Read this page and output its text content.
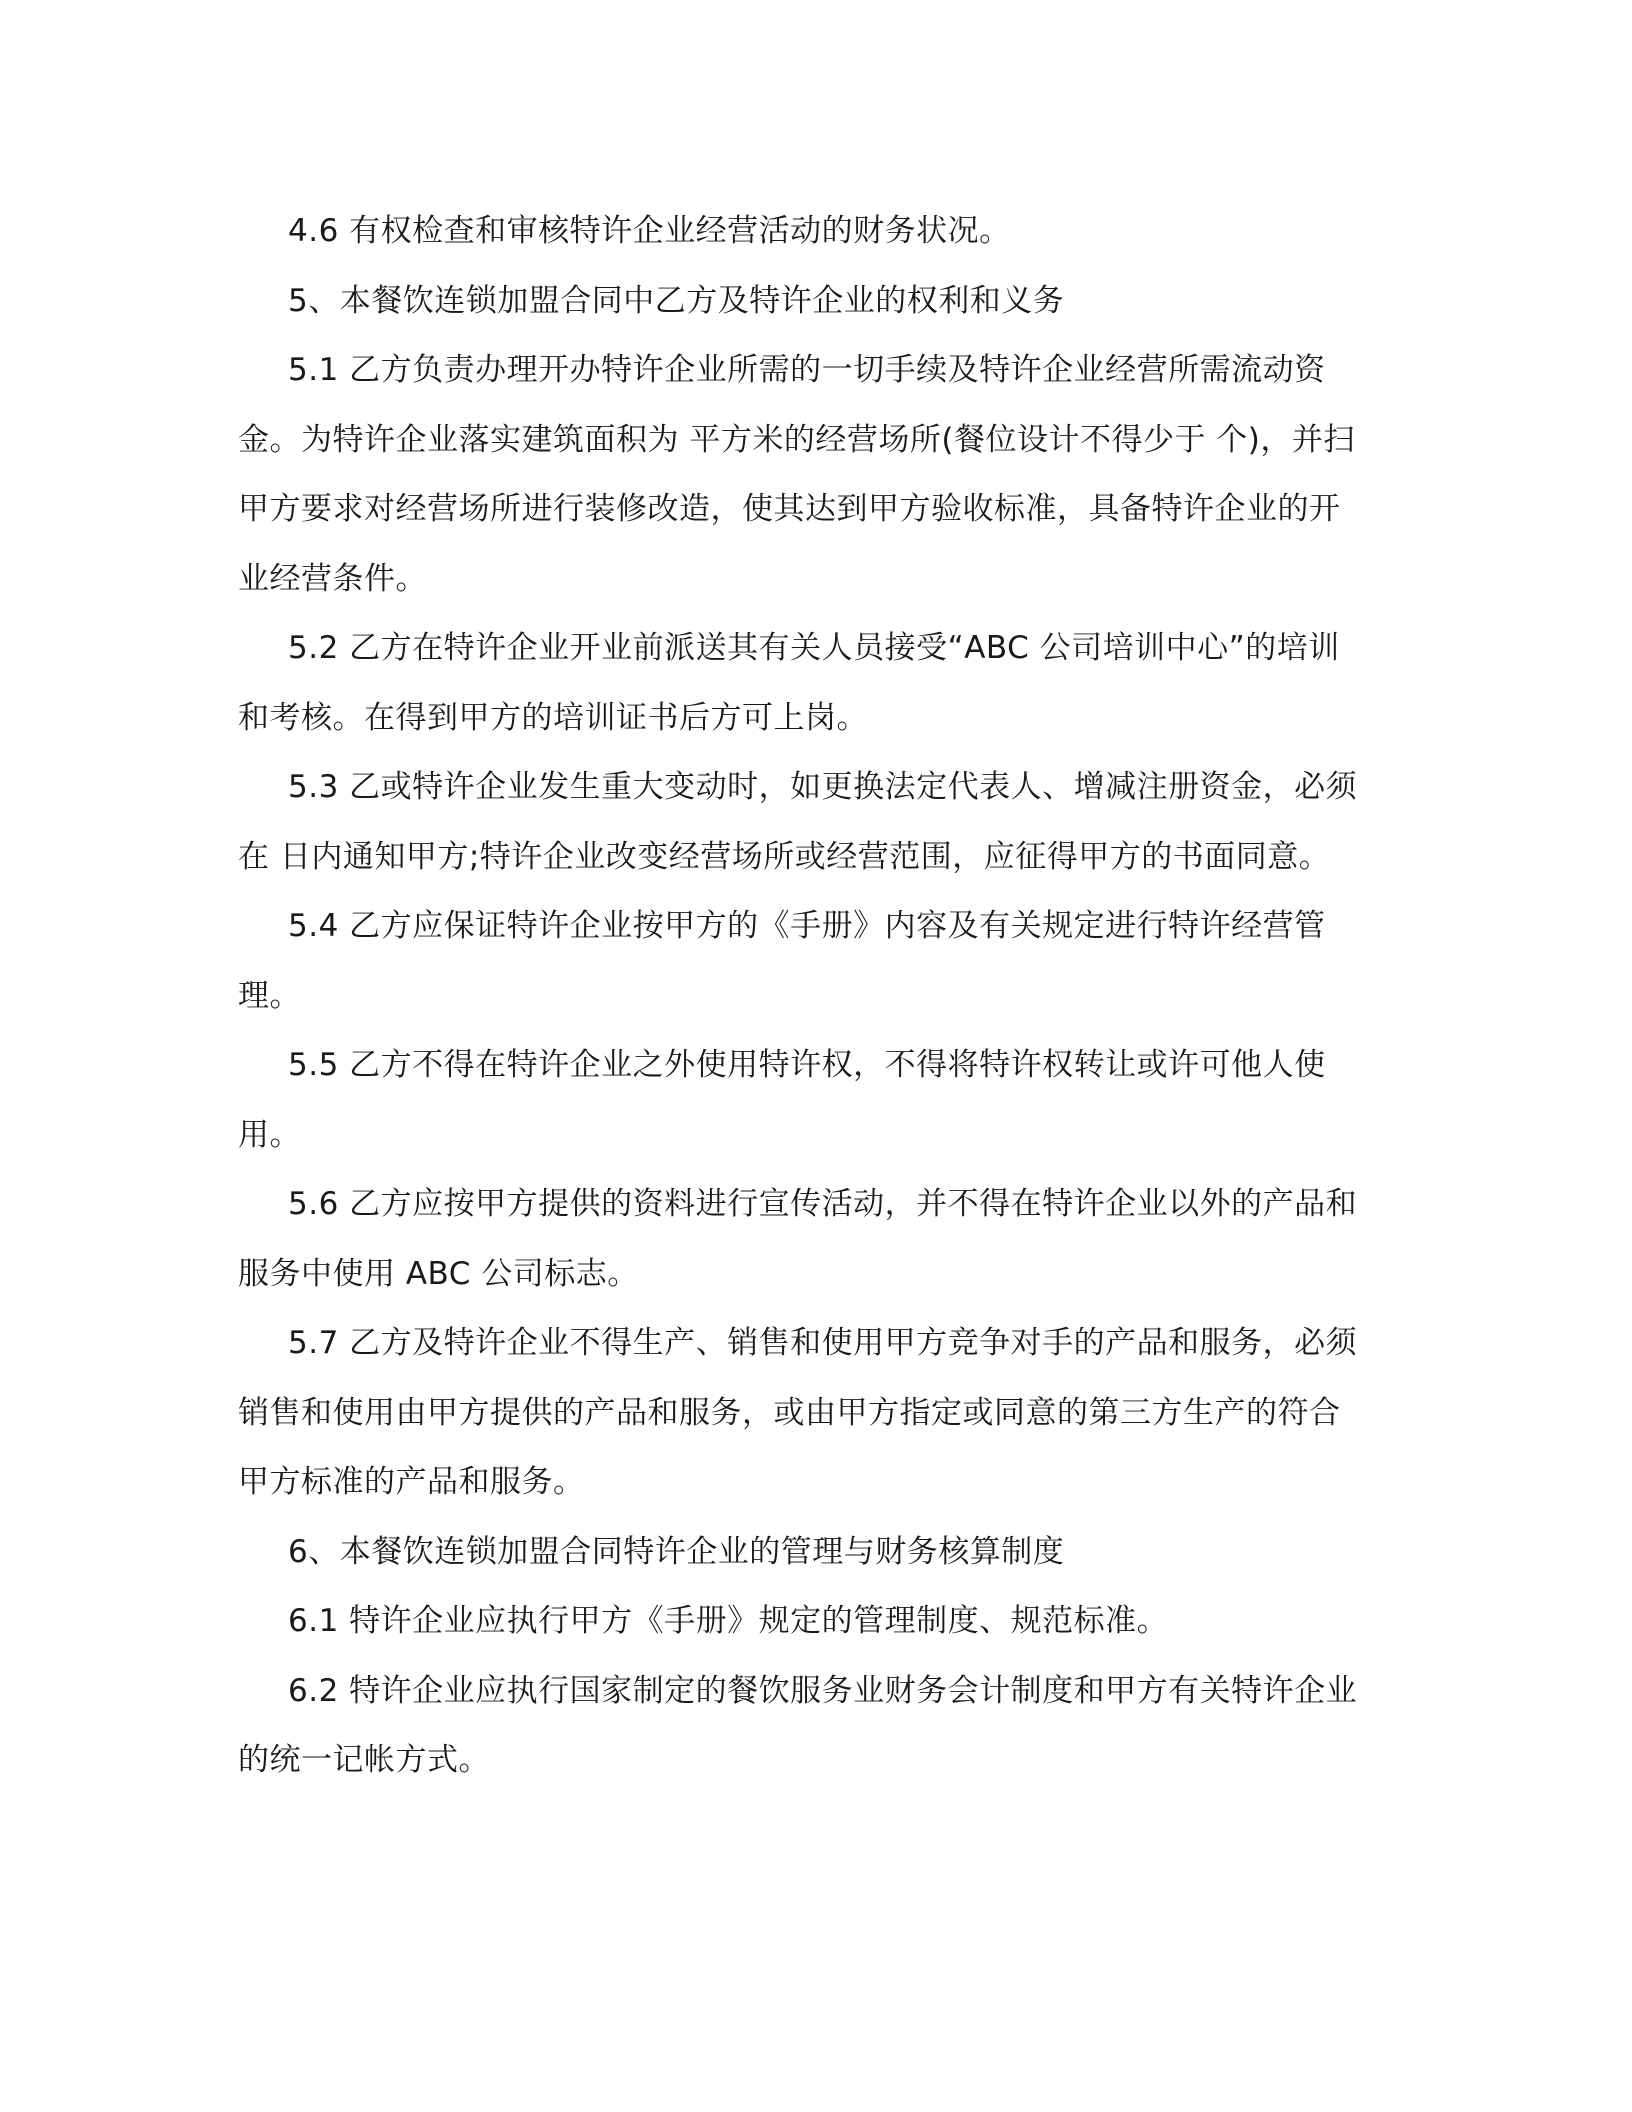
4.6 有权检查和审核特许企业经营活动的财务状况。
5、本餐饮连锁加盟合同中乙方及特许企业的权利和义务
5.1 乙方负责办理开办特许企业所需的一切手续及特许企业经营所需流动资
金。为特许企业落实建筑面积为 平方米的经营场所(餐位设计不得少于 个)，并扫
甲方要求对经营场所进行装修改造，使其达到甲方验收标准，具备特许企业的开
业经营条件。
5.2 乙方在特许企业开业前派送其有关人员接受“ABC 公司培训中心”的培训
和考核。在得到甲方的培训证书后方可上岗。
5.3 乙或特许企业发生重大变动时，如更换法定代表人、增减注册资金，必须
在 日内通知甲方;特许企业改变经营场所或经营范围，应征得甲方的书面同意。
5.4 乙方应保证特许企业按甲方的《手册》内容及有关规定进行特许经营管
理。
5.5 乙方不得在特许企业之外使用特许权，不得将特许权转让或许可他人使
用。
5.6 乙方应按甲方提供的资料进行宣传活动，并不得在特许企业以外的产品和
服务中使用 ABC 公司标志。
5.7 乙方及特许企业不得生产、销售和使用甲方竞争对手的产品和服务，必须
销售和使用由甲方提供的产品和服务，或由甲方指定或同意的第三方生产的符合
甲方标准的产品和服务。
6、本餐饮连锁加盟合同特许企业的管理与财务核算制度
6.1 特许企业应执行甲方《手册》规定的管理制度、规范标准。
6.2 特许企业应执行国家制定的餐饮服务业财务会计制度和甲方有关特许企业
的统一记帐方式。
